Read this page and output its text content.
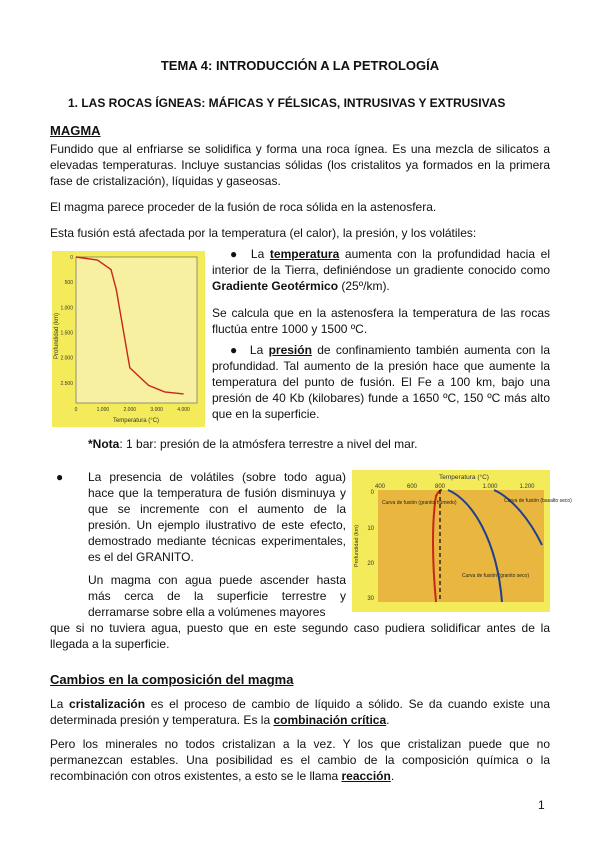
TEMA 4: INTRODUCCIÓN A LA PETROLOGÍA
1. LAS ROCAS ÍGNEAS: MÁFICAS Y FÉLSICAS, INTRUSIVAS Y EXTRUSIVAS
MAGMA
Fundido que al enfriarse se solidifica y forma una roca ígnea. Es una mezcla de silicatos a elevadas temperaturas. Incluye sustancias sólidas (los cristalitos ya formados en la primera fase de cristalización), líquidas y gaseosas.
El magma parece proceder de la fusión de roca sólida en la astenosfera.
Esta fusión está afectada por la temperatura (el calor), la presión, y los volátiles:
0
500
1.000
1.500
2.000
2.500
0	1.000	2.000	3.000	4.000
Temperatura (°C)
Profundidad (km)
● La temperatura aumenta con la profundidad hacia el interior de la Tierra, definiéndose un gradiente conocido como Gradiente Geotérmico (25º/km).
Se calcula que en la astenosfera la temperatura de las rocas fluctúa entre 1000 y 1500 ºC.
● La presión de confinamiento también aumenta con la profundidad. Tal aumento de la presión hace que aumente la temperatura del punto de fusión. El Fe a 100 km, bajo una presión de 40 Kb (kilobares) funde a 1650 ºC, 150 ºC más alto que en la superficie.
*Nota: 1 bar: presión de la atmósfera terrestre a nivel del mar.
● La presencia de volátiles (sobre todo agua) hace que la temperatura de fusión disminuya y que se incremente con el aumento de la presión. Un ejemplo ilustrativo de este efecto, demostrado mediante técnicas experimentales, es el del GRANITO.
Un magma con agua puede ascender hasta más cerca de la superficie terrestre y derramarse sobre ella a volúmenes mayores
que si no tuviera agua, puesto que en este segundo caso pudiera solidificar antes de la llegada a la superficie.
Temperatura (°C)
400	600	800	1.000	1.200
0
10
20
30
Profundidad (km)
Curva de fusión (granito húmedo)
Curva de fusión (granito seco)
Curva de fusión (basalto seco)
Cambios en la composición del magma
La cristalización es el proceso de cambio de líquido a sólido. Se da cuando existe una determinada presión y temperatura. Es la combinación crítica.
Pero los minerales no todos cristalizan a la vez. Y los que cristalizan puede que no permanezcan estables. Una posibilidad es el cambio de la composición química o la recombinación con otros existentes, a esto se le llama reacción.
1
